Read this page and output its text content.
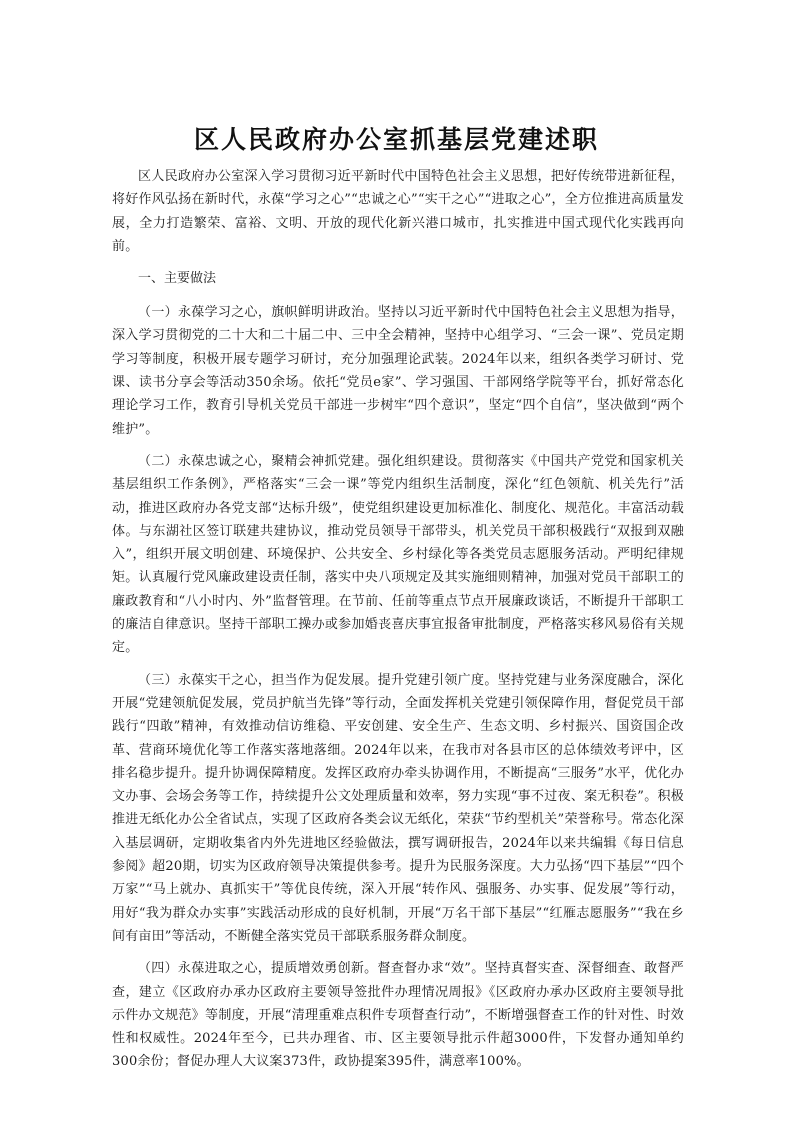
区人民政府办公室抓基层党建述职

区人民政府办公室深入学习贯彻习近平新时代中国特色社会主义思想，把好传统带进新征程，将好作风弘扬在新时代，永葆“学习之心”“忠诚之心”“实干之心”“进取之心”，全方位推进高质量发展，全力打造繁荣、富裕、文明、开放的现代化新兴港口城市，扎实推进中国式现代化实践再向前。

一、主要做法

（一）永葆学习之心，旗帜鲜明讲政治。坚持以习近平新时代中国特色社会主义思想为指导，深入学习贯彻党的二十大和二十届二中、三中全会精神，坚持中心组学习、“三会一课”、党员定期学习等制度，积极开展专题学习研讨，充分加强理论武装。2024年以来，组织各类学习研讨、党课、读书分享会等活动350余场。依托“党员e家”、学习强国、干部网络学院等平台，抓好常态化理论学习工作，教育引导机关党员干部进一步树牢“四个意识”，坚定“四个自信”，坚决做到“两个维护”。

（二）永葆忠诚之心，聚精会神抓党建。强化组织建设。贯彻落实《中国共产党党和国家机关基层组织工作条例》，严格落实“三会一课”等党内组织生活制度，深化“红色领航、机关先行”活动，推进区政府办各党支部“达标升级”，使党组织建设更加标准化、制度化、规范化。丰富活动载体。与东湖社区签订联建共建协议，推动党员领导干部带头，机关党员干部积极践行“双报到双融入”，组织开展文明创建、环境保护、公共安全、乡村绿化等各类党员志愿服务活动。严明纪律规矩。认真履行党风廉政建设责任制，落实中央八项规定及其实施细则精神，加强对党员干部职工的廉政教育和“八小时内、外”监督管理。在节前、任前等重点节点开展廉政谈话，不断提升干部职工的廉洁自律意识。坚持干部职工操办或参加婚丧喜庆事宜报备审批制度，严格落实移风易俗有关规定。

（三）永葆实干之心，担当作为促发展。提升党建引领广度。坚持党建与业务深度融合，深化开展“党建领航促发展，党员护航当先锋”等行动，全面发挥机关党建引领保障作用，督促党员干部践行“四敢”精神，有效推动信访维稳、平安创建、安全生产、生态文明、乡村振兴、国资国企改革、营商环境优化等工作落实落地落细。2024年以来，在我市对各县市区的总体绩效考评中，区排名稳步提升。提升协调保障精度。发挥区政府办牵头协调作用，不断提高“三服务”水平，优化办文办事、会场会务等工作，持续提升公文处理质量和效率，努力实现“事不过夜、案无积卷”。积极推进无纸化办公全省试点，实现了区政府各类会议无纸化，荣获“节约型机关”荣誉称号。常态化深入基层调研，定期收集省内外先进地区经验做法，撰写调研报告，2024年以来共编辑《每日信息参阅》超20期，切实为区政府领导决策提供参考。提升为民服务深度。大力弘扬“四下基层”“四个万家”“马上就办、真抓实干”等优良传统，深入开展“转作风、强服务、办实事、促发展”等行动，用好“我为群众办实事”实践活动形成的良好机制，开展“万名干部下基层”“红雁志愿服务”“我在乡间有亩田”等活动，不断健全落实党员干部联系服务群众制度。

（四）永葆进取之心，提质增效勇创新。督查督办求“效”。坚持真督实查、深督细查、敢督严查，建立《区政府办承办区政府主要领导签批件办理情况周报》《区政府办承办区政府主要领导批示件办文规范》等制度，开展“清理重难点积件专项督查行动”，不断增强督查工作的针对性、时效性和权威性。2024年至今，已共办理省、市、区主要领导批示件超3000件，下发督办通知单约300余份；督促办理人大议案373件，政协提案395件，满意率100%。
